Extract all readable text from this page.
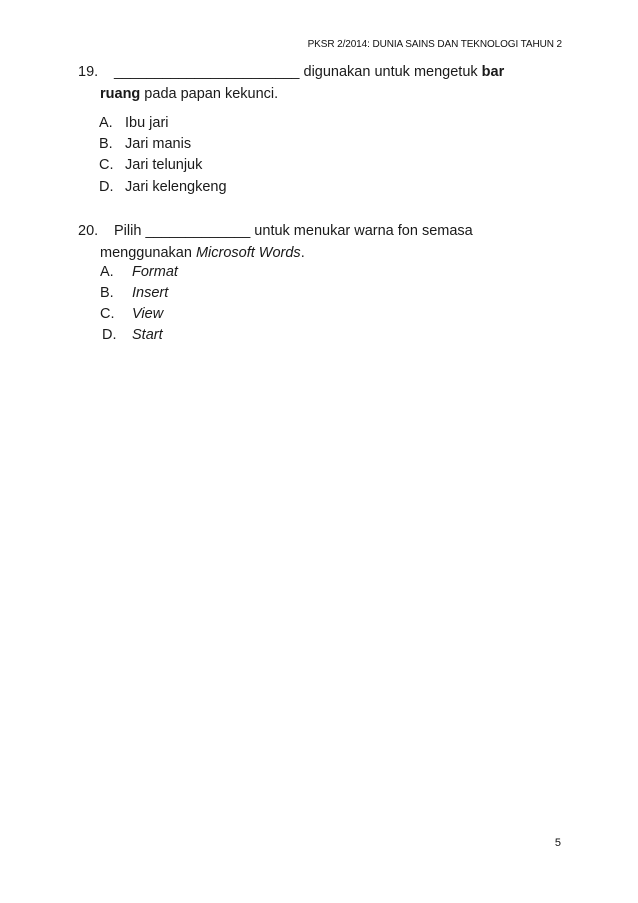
PKSR 2/2014: DUNIA SAINS DAN TEKNOLOGI TAHUN 2
19. _______________________ digunakan untuk mengetuk bar
ruang pada papan kekunci.
A. Ibu jari
B. Jari manis
C. Jari telunjuk
D. Jari kelengkeng
20. Pilih _____________ untuk menukar warna fon semasa
menggunakan Microsoft Words.
A. Format
B. Insert
C. View
D. Start
5
